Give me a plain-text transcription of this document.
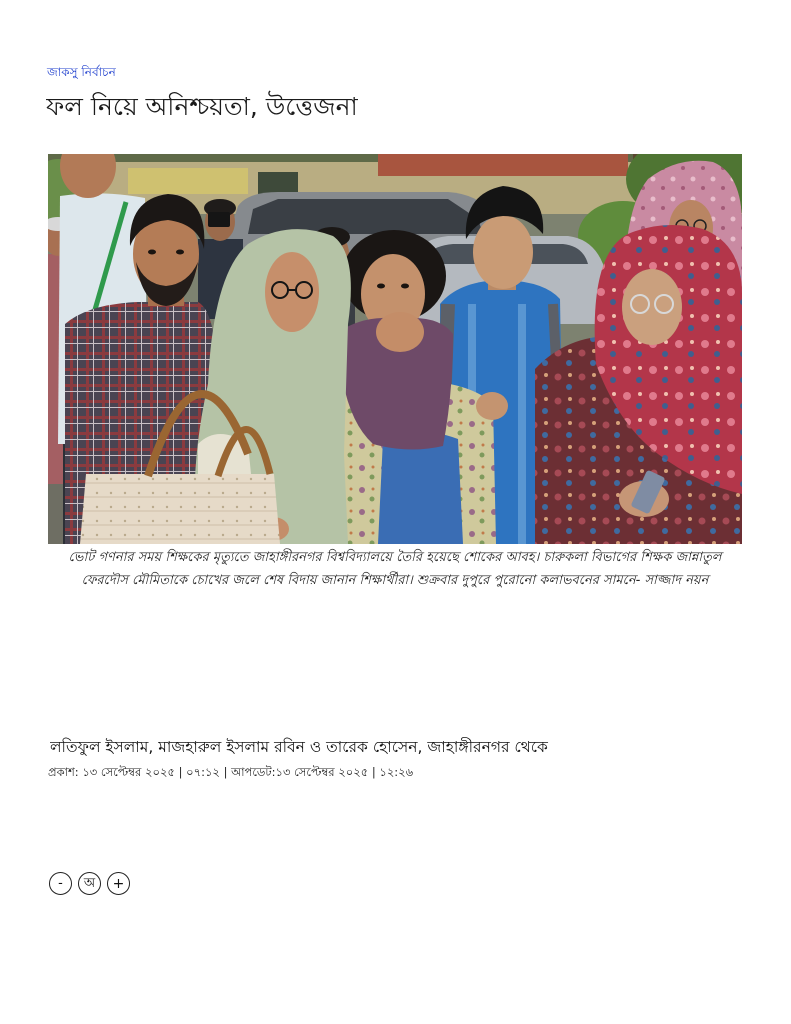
জাকসু নির্বাচন
ফল নিয়ে অনিশ্চয়তা, উত্তেজনা

ভোট গণনার সময় শিক্ষকের মৃত্যুতে জাহাঙ্গীরনগর বিশ্ববিদ্যালয়ে তৈরি হয়েছে শোকের আবহ। চারুকলা বিভাগের শিক্ষক জান্নাতুল ফেরদৌস মৌমিতাকে চোখের জলে শেষ বিদায় জানান শিক্ষার্থীরা। শুক্রবার দুপুরে পুরোনো কলাভবনের সামনে- সাজ্জাদ নয়ন

লতিফুল ইসলাম, মাজহারুল ইসলাম রবিন ও তারেক হোসেন, জাহাঙ্গীরনগর থেকে
প্রকাশ: ১৩ সেপ্টেম্বর ২০২৫ | ০৭:১২ | আপডেট:১৩ সেপ্টেম্বর ২০২৫ | ১২:২৬
-	অ	+
